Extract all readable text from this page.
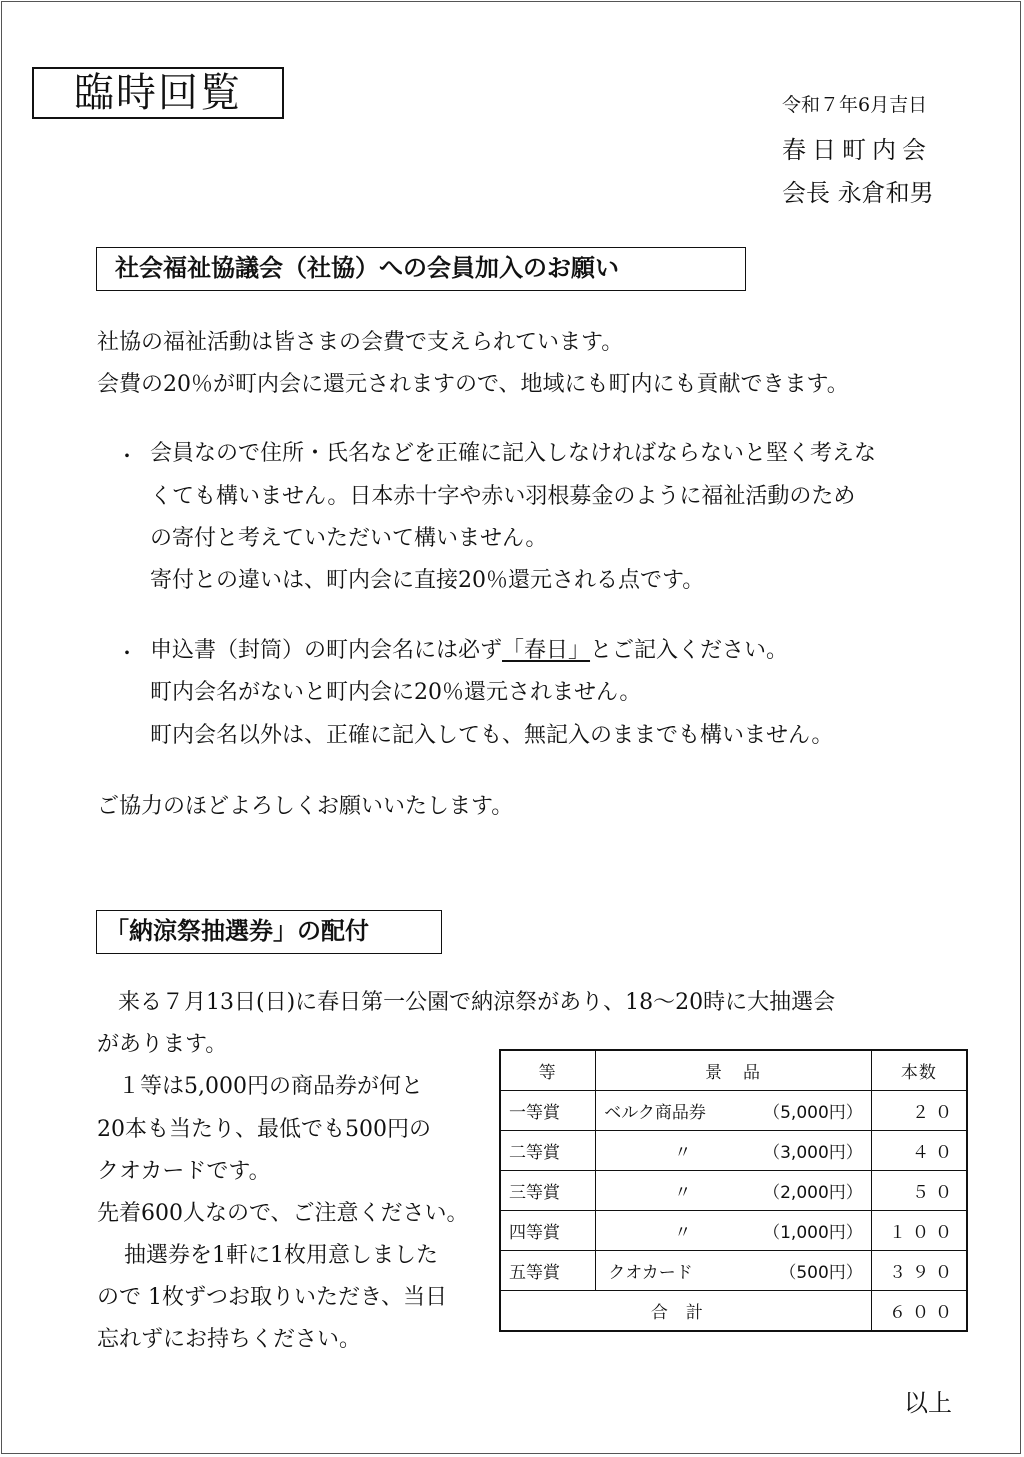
臨時回覧	令和７年6月吉日
春日町内会
会長 永倉和男
社会福祉協議会（社協）への会員加入のお願い
社協の福祉活動は皆さまの会費で支えられています。
会費の20％が町内会に還元されますので、地域にも町内にも貢献できます。
・ 会員なので住所・氏名などを正確に記入しなければならないと堅く考えな
くても構いません。日本赤十字や赤い羽根募金のように福祉活動のため
の寄付と考えていただいて構いません。
寄付との違いは、町内会に直接20％還元される点です。
・ 申込書（封筒）の町内会名には必ず「春日」とご記入ください。
町内会名がないと町内会に20％還元されません。
町内会名以外は、正確に記入しても、無記入のままでも構いません。
ご協力のほどよろしくお願いいたします。
「納涼祭抽選券」の配付
来る７月13日(日)に春日第一公園で納涼祭があり、18～20時に大抽選会
があります。
１等は5,000円の商品券が何と
20本も当たり、最低でも500円の
クオカードです。
先着600人なので、ご注意ください。
抽選券を1軒に1枚用意しました
ので 1枚ずつお取りいただき、当日
忘れずにお持ちください。
等	景　品	本数
一等賞	ベルク商品券 （5,000円）	２０
二等賞	〃 （3,000円）	４０
三等賞	〃 （2,000円）	５０
四等賞	〃 （1,000円）	１００
五等賞	クオカード （500円）	３９０
合計		６００
以上
